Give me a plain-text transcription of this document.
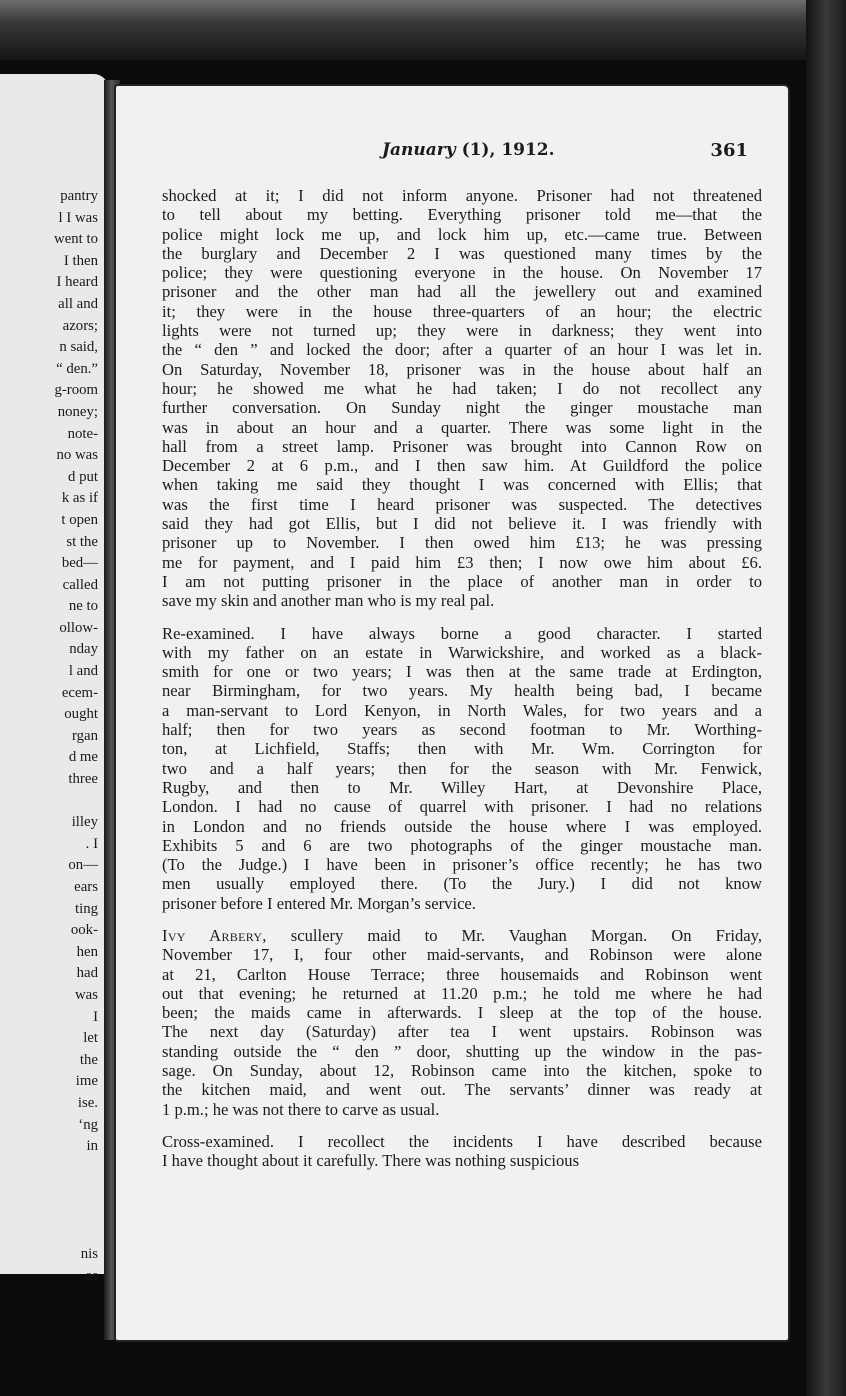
pantry
l I was
went to
I then
I heard
all and
azors;
n said,
“ den.”
g-room
noney;
note-
no was
d put
k as if
t open
st the
bed—
called
ne to
ollow-
nday
l and
ecem-
ought
rgan
d me
three

illey
. I
on—
ears
ting
ook-
hen
had
was
I
let
the
ime
ise.
‘ng
in

nis
as
January (1), 1912.	361
shocked at it; I did not inform anyone. Prisoner had not threatened
to tell about my betting. Everything prisoner told me—that the
police might lock me up, and lock him up, etc.—came true. Between
the burglary and December 2 I was questioned many times by the
police; they were questioning everyone in the house. On November 17
prisoner and the other man had all the jewellery out and examined
it; they were in the house three-quarters of an hour; the electric
lights were not turned up; they were in darkness; they went into
the “ den ” and locked the door; after a quarter of an hour I was let in.
On Saturday, November 18, prisoner was in the house about half an
hour; he showed me what he had taken; I do not recollect any
further conversation. On Sunday night the ginger moustache man
was in about an hour and a quarter. There was some light in the
hall from a street lamp. Prisoner was brought into Cannon Row on
December 2 at 6 p.m., and I then saw him. At Guildford the police
when taking me said they thought I was concerned with Ellis; that
was the first time I heard prisoner was suspected. The detectives
said they had got Ellis, but I did not believe it. I was friendly with
prisoner up to November. I then owed him £13; he was pressing
me for payment, and I paid him £3 then; I now owe him about £6.
I am not putting prisoner in the place of another man in order to
save my skin and another man who is my real pal.
Re-examined. I have always borne a good character. I started
with my father on an estate in Warwickshire, and worked as a black-
smith for one or two years; I was then at the same trade at Erdington,
near Birmingham, for two years. My health being bad, I became
a man-servant to Lord Kenyon, in North Wales, for two years and a
half; then for two years as second footman to Mr. Worthing-
ton, at Lichfield, Staffs; then with Mr. Wm. Corrington for
two and a half years; then for the season with Mr. Fenwick,
Rugby, and then to Mr. Willey Hart, at Devonshire Place,
London. I had no cause of quarrel with prisoner. I had no relations
in London and no friends outside the house where I was employed.
Exhibits 5 and 6 are two photographs of the ginger moustache man.
(To the Judge.) I have been in prisoner’s office recently; he has two
men usually employed there. (To the Jury.) I did not know
prisoner before I entered Mr. Morgan’s service.
Ivy Arbery, scullery maid to Mr. Vaughan Morgan. On Friday,
November 17, I, four other maid-servants, and Robinson were alone
at 21, Carlton House Terrace; three housemaids and Robinson went
out that evening; he returned at 11.20 p.m.; he told me where he had
been; the maids came in afterwards. I sleep at the top of the house.
The next day (Saturday) after tea I went upstairs. Robinson was
standing outside the “ den ” door, shutting up the window in the pas-
sage. On Sunday, about 12, Robinson came into the kitchen, spoke to
the kitchen maid, and went out. The servants’ dinner was ready at
1 p.m.; he was not there to carve as usual.
Cross-examined. I recollect the incidents I have described because
I have thought about it carefully. There was nothing suspicious
